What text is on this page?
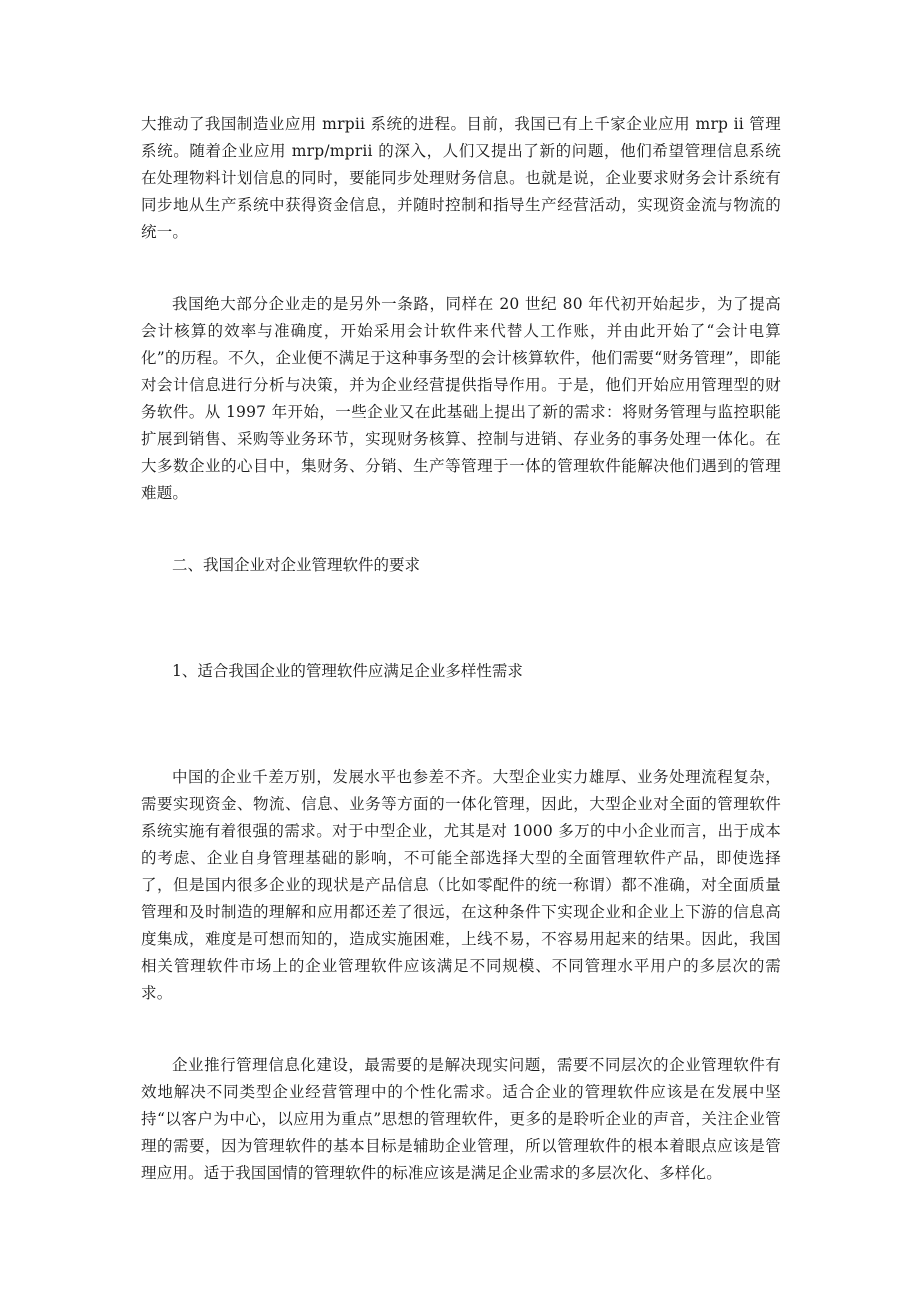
大推动了我国制造业应用 mrpii 系统的进程。目前，我国已有上千家企业应用 mrp ii 管理系统。随着企业应用 mrp/mprii 的深入，人们又提出了新的问题，他们希望管理信息系统在处理物料计划信息的同时，要能同步处理财务信息。也就是说，企业要求财务会计系统有同步地从生产系统中获得资金信息，并随时控制和指导生产经营活动，实现资金流与物流的统一。

我国绝大部分企业走的是另外一条路，同样在 20 世纪 80 年代初开始起步，为了提高会计核算的效率与准确度，开始采用会计软件来代替人工作账，并由此开始了“会计电算化”的历程。不久，企业便不满足于这种事务型的会计核算软件，他们需要“财务管理”，即能对会计信息进行分析与决策，并为企业经营提供指导作用。于是，他们开始应用管理型的财务软件。从 1997 年开始，一些企业又在此基础上提出了新的需求：将财务管理与监控职能扩展到销售、采购等业务环节，实现财务核算、控制与进销、存业务的事务处理一体化。在大多数企业的心目中，集财务、分销、生产等管理于一体的管理软件能解决他们遇到的管理难题。

二、我国企业对企业管理软件的要求

1、适合我国企业的管理软件应满足企业多样性需求

中国的企业千差万别，发展水平也参差不齐。大型企业实力雄厚、业务处理流程复杂，需要实现资金、物流、信息、业务等方面的一体化管理，因此，大型企业对全面的管理软件系统实施有着很强的需求。对于中型企业，尤其是对 1000 多万的中小企业而言，出于成本的考虑、企业自身管理基础的影响，不可能全部选择大型的全面管理软件产品，即使选择了，但是国内很多企业的现状是产品信息（比如零配件的统一称谓）都不准确，对全面质量管理和及时制造的理解和应用都还差了很远，在这种条件下实现企业和企业上下游的信息高度集成，难度是可想而知的，造成实施困难，上线不易，不容易用起来的结果。因此，我国相关管理软件市场上的企业管理软件应该满足不同规模、不同管理水平用户的多层次的需求。

企业推行管理信息化建设，最需要的是解决现实问题，需要不同层次的企业管理软件有效地解决不同类型企业经营管理中的个性化需求。适合企业的管理软件应该是在发展中坚持“以客户为中心，以应用为重点”思想的管理软件，更多的是聆听企业的声音，关注企业管理的需要，因为管理软件的基本目标是辅助企业管理，所以管理软件的根本着眼点应该是管理应用。适于我国国情的管理软件的标准应该是满足企业需求的多层次化、多样化。
